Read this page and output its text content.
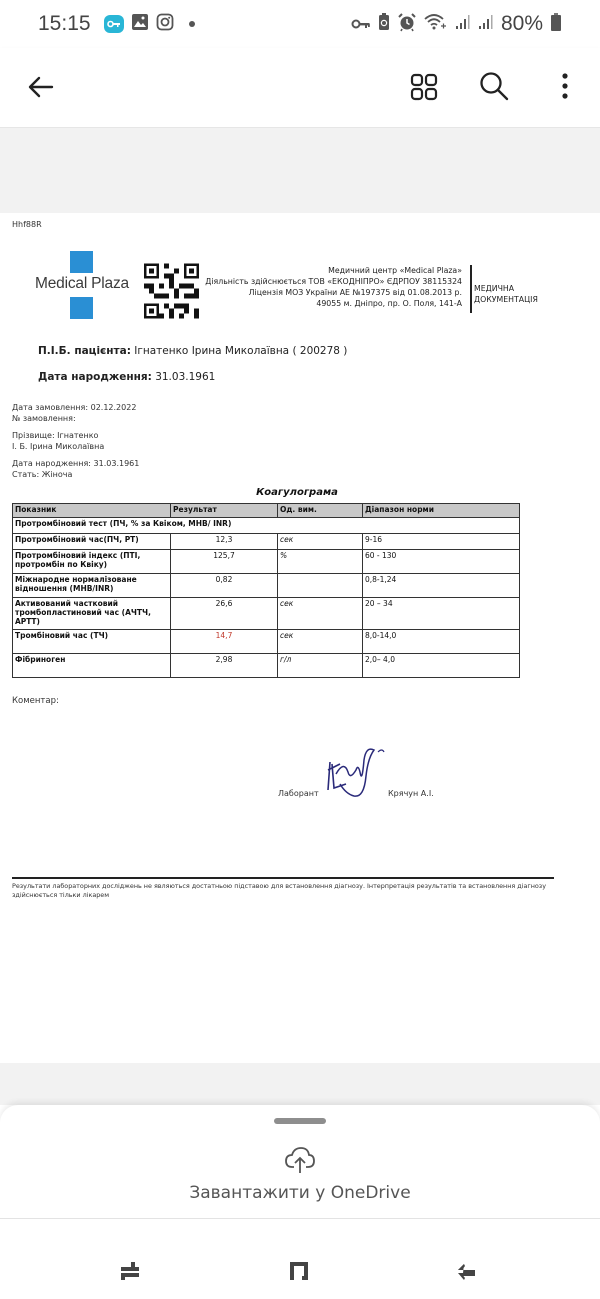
15:15	80%
Hhf88R
Medical Plaza
Медичний центр «Medical Plaza»
Діяльність здійснюється ТОВ «ЕКОДНІПРО» ЄДРПОУ 38115324
Ліцензія МОЗ України АЕ №197375 від 01.08.2013 р.
49055 м. Дніпро, пр. О. Поля, 141-А
МЕДИЧНА
ДОКУМЕНТАЦІЯ
П.І.Б. пацієнта: Ігнатенко Ірина Миколаївна ( 200278 )
Дата народження: 31.03.1961
Дата замовлення: 02.12.2022
№ замовлення:
Прізвище: Ігнатенко
І. Б. Ірина Миколаївна
Дата народження: 31.03.1961
Стать: Жіноча
Коагулограма
Показник	Результат	Од. вим.	Діапазон норми
Протромбіновий тест (ПЧ, % за Квіком, МНВ/ INR)			
Протромбіновий час(ПЧ, РТ)	12,3	сек	9-16
Протромбіновий індекс (ПТІ, протромбін по Квіку)	125,7	%	60 - 130
Міжнародне нормалізоване відношення (МНВ/INR)	0,82		0,8-1,24
Активований частковий тромбопластиновий час (АЧТЧ, АРТТ)	26,6	сек	20 – 34
Тромбіновий час (ТЧ)	14,7	сек	8,0-14,0
Фібриноген	2,98	г/л	2,0– 4,0
Коментар:
Лаборант	Крячун А.І.
Результати лабораторних досліджень не являються достатньою підставою для встановлення діагнозу. Інтерпретація результатів та встановлення діагнозу здійснюється тільки лікарем
Завантажити у OneDrive
